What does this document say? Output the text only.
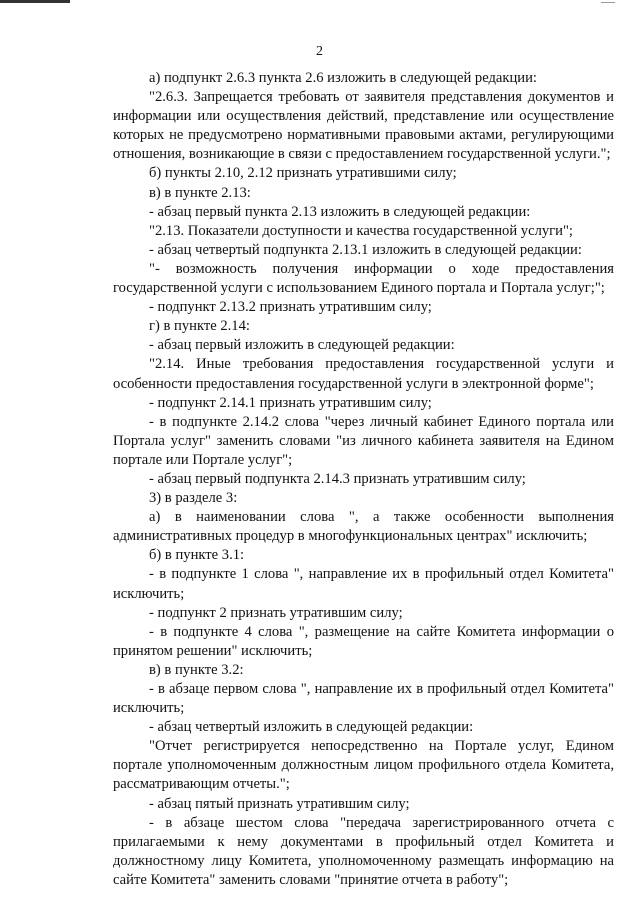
2

а) подпункт 2.6.3 пункта 2.6 изложить в следующей редакции:

"2.6.3. Запрещается требовать от заявителя представления документов и информации или осуществления действий, представление или осуществление которых не предусмотрено нормативными правовыми актами, регулирующими отношения, возникающие в связи с предоставлением государственной услуги.";

б) пункты 2.10, 2.12 признать утратившими силу;

в) в пункте 2.13:

- абзац первый пункта 2.13 изложить в следующей редакции:

"2.13. Показатели доступности и качества государственной услуги";

- абзац четвертый подпункта 2.13.1 изложить в следующей редакции:

"- возможность получения информации о ходе предоставления государственной услуги с использованием Единого портала и Портала услуг;";

- подпункт 2.13.2 признать утратившим силу;

г) в пункте 2.14:

- абзац первый изложить в следующей редакции:

"2.14. Иные требования предоставления государственной услуги и особенности предоставления государственной услуги в электронной форме";

- подпункт 2.14.1 признать утратившим силу;

- в подпункте 2.14.2 слова "через личный кабинет Единого портала или Портала услуг" заменить словами "из личного кабинета заявителя на Едином портале или Портале услуг";

- абзац первый подпункта 2.14.3 признать утратившим силу;

3) в разделе 3:

а) в наименовании слова ", а также особенности выполнения административных процедур в многофункциональных центрах" исключить;

б) в пункте 3.1:

- в подпункте 1 слова ", направление их в профильный отдел Комитета" исключить;

- подпункт 2 признать утратившим силу;

- в подпункте 4 слова ", размещение на сайте Комитета информации о принятом решении" исключить;

в) в пункте 3.2:

- в абзаце первом слова ", направление их в профильный отдел Комитета" исключить;

- абзац четвертый изложить в следующей редакции:

"Отчет регистрируется непосредственно на Портале услуг, Едином портале уполномоченным должностным лицом профильного отдела Комитета, рассматривающим отчеты.";

- абзац пятый признать утратившим силу;

- в абзаце шестом слова "передача зарегистрированного отчета с прилагаемыми к нему документами в профильный отдел Комитета и должностному лицу Комитета, уполномоченному размещать информацию на сайте Комитета" заменить словами "принятие отчета в работу";
